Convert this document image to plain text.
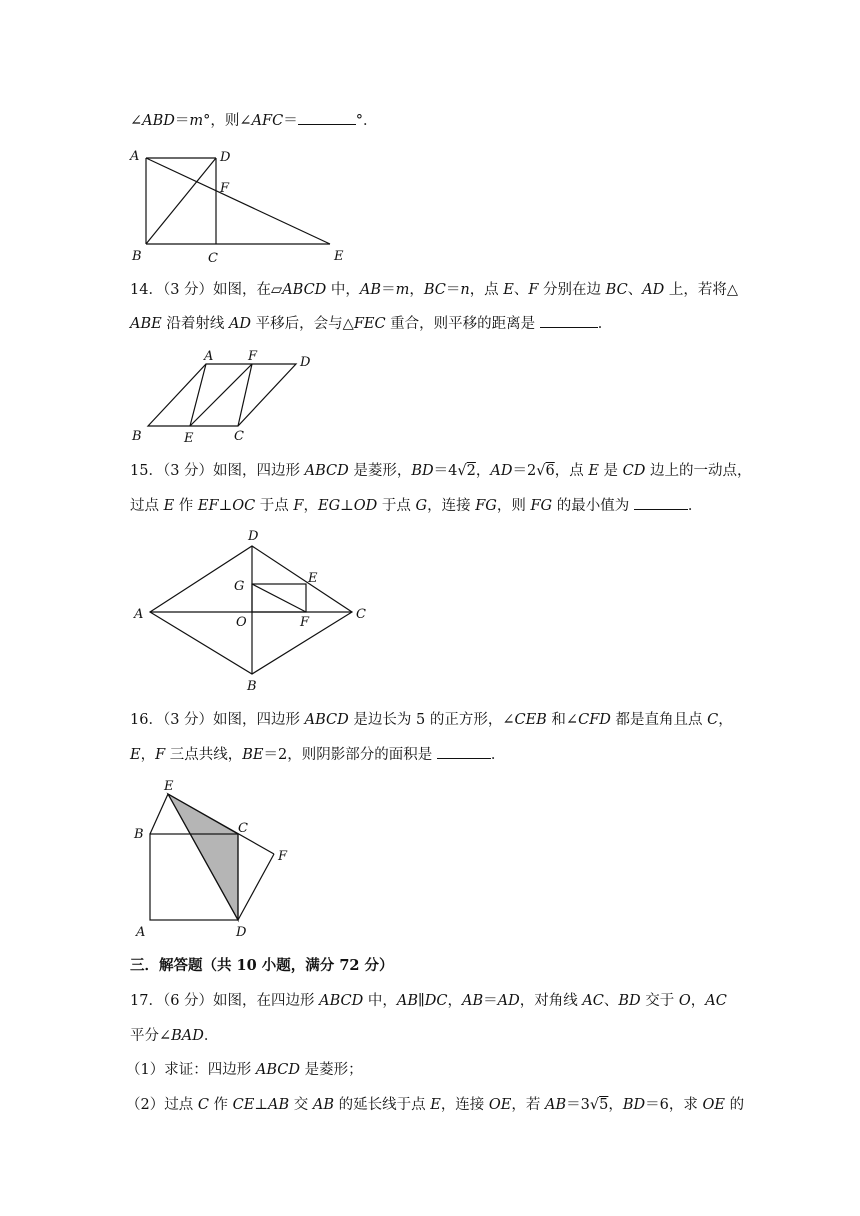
∠ABD＝m°，则∠AFC＝	°．
A	D
F
B	C	E
14．（3 分）如图，在▱ABCD 中，AB＝m，BC＝n，点 E、F 分别在边 BC、AD 上，若将△
ABE 沿着射线 AD 平移后，会与△FEC 重合，则平移的距离是	．
A	F	D
B	E	C
15．（3 分）如图，四边形 ABCD 是菱形，BD＝4√2，AD＝2√6，点 E 是 CD 边上的一动点，
过点 E 作 EF⊥OC 于点 F，EG⊥OD 于点 G，连接 FG，则 FG 的最小值为	．
D
G
E
A
O	F
C
B
16．（3 分）如图，四边形 ABCD 是边长为 5 的正方形，∠CEB 和∠CFD 都是直角且点 C，
E，F 三点共线，BE＝2，则阴影部分的面积是	．
E
B	C
F
A	D
三．解答题（共 10 小题，满分 72 分）
17．（6 分）如图，在四边形 ABCD 中，AB∥DC，AB＝AD，对角线 AC、BD 交于 O，AC
平分∠BAD．
（1）求证：四边形 ABCD 是菱形；
（2）过点 C 作 CE⊥AB 交 AB 的延长线于点 E，连接 OE，若 AB＝3√5，BD＝6，求 OE 的
